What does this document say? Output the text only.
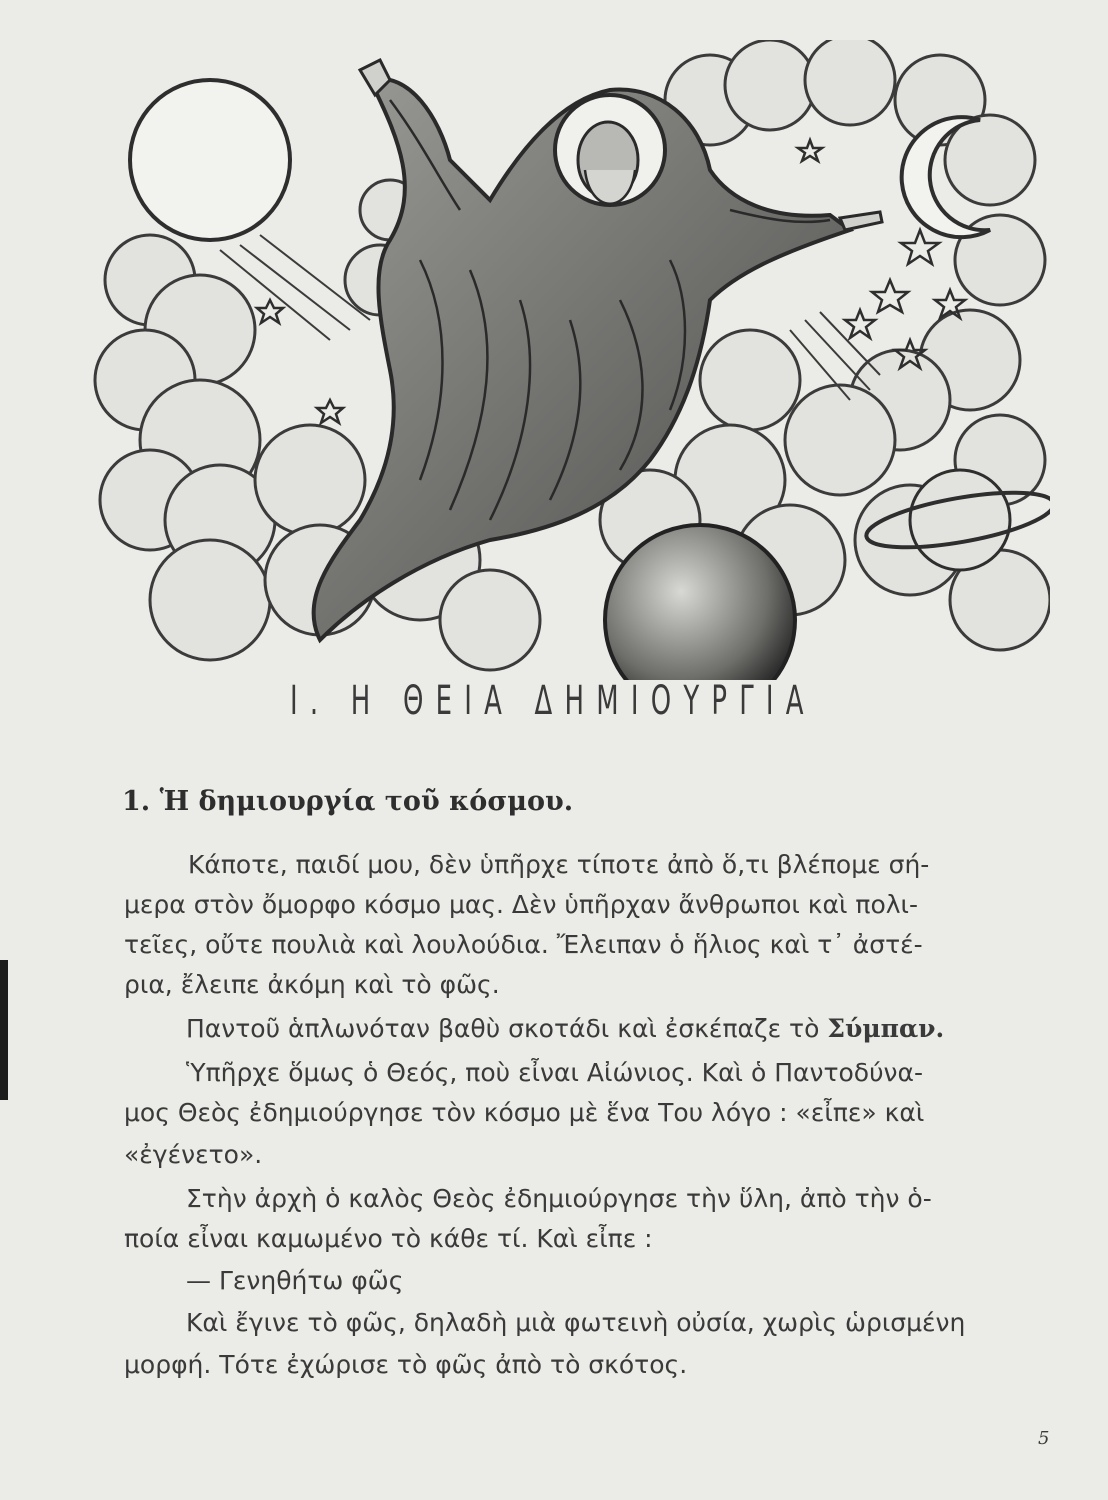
I. Η ΘΕΙΑ ΔΗΜΙΟΥΡΓΙΑ
1. Ἡ δημιουργία τοῦ κόσμου.
Κάποτε, παιδί μου, δὲν ὑπῆρχε τίποτε ἀπὸ ὅ,τι βλέπομε σή-
μερα στὸν ὄμορφο κόσμο μας. Δὲν ὑπῆρχαν ἄνθρωποι καὶ πολι-
τεῖες, οὔτε πουλιὰ καὶ λουλούδια. Ἔλειπαν ὁ ἥλιος καὶ τ᾽ ἀστέ-
ρια, ἔλειπε ἀκόμη καὶ τὸ φῶς.
Παντοῦ ἁπλωνόταν βαθὺ σκοτάδι καὶ ἐσκέπαζε τὸ Σύμπαν.
Ὑπῆρχε ὅμως ὁ Θεός, ποὺ εἶναι Αἰώνιος. Καὶ ὁ Παντοδύνα-
μος Θεὸς ἐδημιούργησε τὸν κόσμο μὲ ἕνα Του λόγο : «εἶπε» καὶ
«ἐγένετο».
Στὴν ἀρχὴ ὁ καλὸς Θεὸς ἐδημιούργησε τὴν ὕλη, ἀπὸ τὴν ὁ-
ποία εἶναι καμωμένο τὸ κάθε τί. Καὶ εἶπε :
— Γενηθήτω φῶς
Καὶ ἔγινε τὸ φῶς, δηλαδὴ μιὰ φωτεινὴ οὐσία, χωρὶς ὡρισμένη
μορφή. Τότε ἐχώρισε τὸ φῶς ἀπὸ τὸ σκότος.
5
